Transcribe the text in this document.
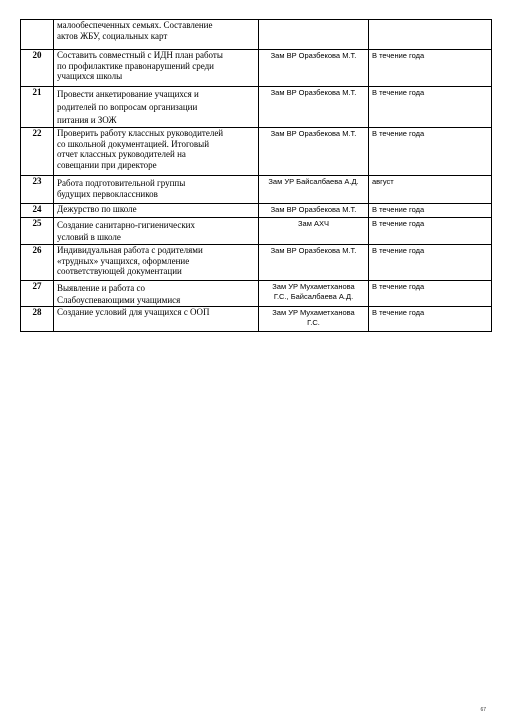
	малообеспеченных семьях. Составление
актов ЖБУ, социальных карт		
20	Составить совместный с ИДН план работы
по профилактике правонарушений среди
учащихся школы	Зам ВР Оразбекова М.Т.	В течение года
21	Провести анкетирование учащихся и
родителей по вопросам организации
питания и ЗОЖ	Зам ВР Оразбекова М.Т.	В течение года
22	Проверить работу классных руководителей
со школьной документацией. Итоговый
отчет классных руководителей на
совещании при директоре	Зам ВР Оразбекова М.Т.	В течение года
23	Работа подготовительной группы
будущих первоклассников	Зам УР Байсалбаева А.Д.	август
24	Дежурство по школе	Зам ВР Оразбекова М.Т.	В течение года
25	Создание санитарно-гигиенических
условий в школе	Зам АХЧ	В течение года
26	Индивидуальная работа с родителями
«трудных» учащихся, оформление
соответствующей документации	Зам ВР Оразбекова М.Т.	В течение года
27	Выявление и работа со
Слабоуспевающими учащимися	Зам УР Мухаметханова
Г.С., Байсалбаева А.Д.	В течение года
28	Создание условий для учащихся с ООП	Зам УР Мухаметханова
Г.С.	В течение года
67
